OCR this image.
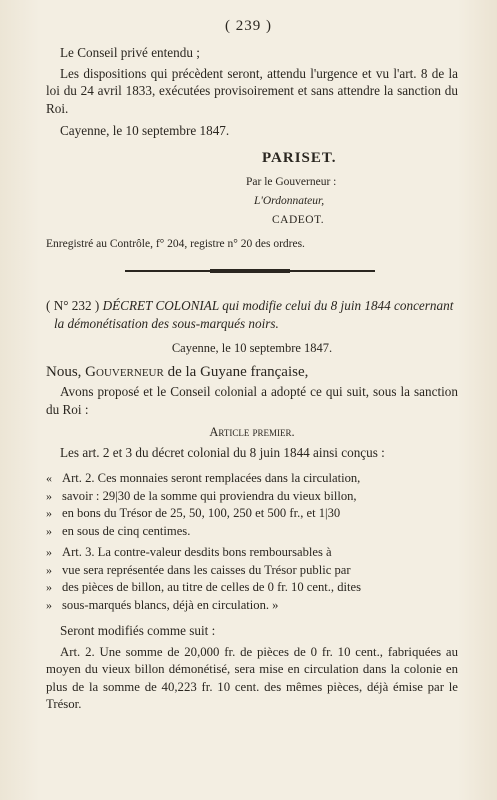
( 239 )

Le Conseil privé entendu ;

Les dispositions qui précèdent seront, attendu l'urgence et vu l'art. 8 de la loi du 24 avril 1833, exécutées provisoirement et sans attendre la sanction du Roi.

Cayenne, le 10 septembre 1847.

PARISET.

Par le Gouverneur :

L'Ordonnateur,

CADEOT.

Enregistré au Contrôle, f° 204, registre n° 20 des ordres.

( N° 232 ) DÉCRET COLONIAL qui modifie celui du 8 juin 1844 concernant la démonétisation des sous-marqués noirs.

Cayenne, le 10 septembre 1847.

Nous, Gouverneur de la Guyane française,

Avons proposé et le Conseil colonial a adopté ce qui suit, sous la sanction du Roi :

Article premier.

Les art. 2 et 3 du décret colonial du 8 juin 1844 ainsi conçus :

« Art. 2. Ces monnaies seront remplacées dans la circulation,
» savoir : 29|30 de la somme qui proviendra du vieux billon,
» en bons du Trésor de 25, 50, 100, 250 et 500 fr., et 1|30
» en sous de cinq centimes.
» Art. 3. La contre-valeur desdits bons remboursables à
» vue sera représentée dans les caisses du Trésor public par
» des pièces de billon, au titre de celles de 0 fr. 10 cent., dites
» sous-marqués blancs, déjà en circulation. »

Seront modifiés comme suit :

Art. 2. Une somme de 20,000 fr. de pièces de 0 fr. 10 cent., fabriquées au moyen du vieux billon démonétisé, sera mise en circulation dans la colonie en plus de la somme de 40,223 fr. 10 cent. des mêmes pièces, déjà émise par le Trésor.
